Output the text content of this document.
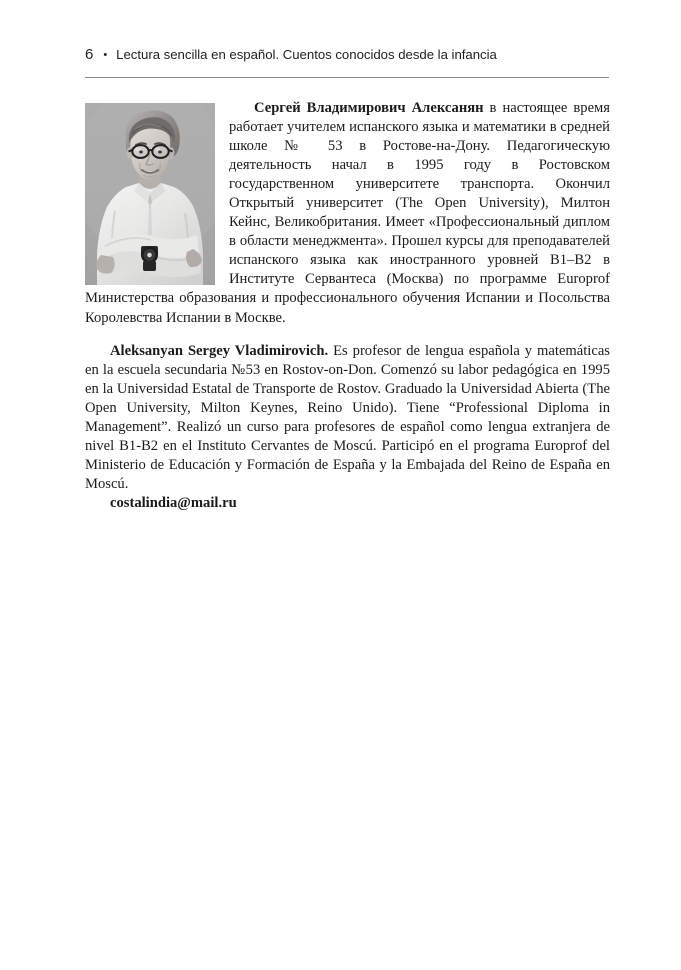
6 • Lectura sencilla en español. Cuentos conocidos desde la infancia

Сергей Владимирович Алексанян в настоящее время работает учителем испанского языка и математики в средней школе № 53 в Ростове-на-Дону. Педагогическую деятельность начал в 1995 году в Ростовском государственном университете транспорта. Окончил Открытый университет (The Open University), Милтон Кейнс, Великобритания. Имеет «Профессиональный диплом в области менеджмента». Прошел курсы для преподавателей испанского языка как иностранного уровней B1–B2 в Институте Сервантеса (Москва) по программе Europrof Министерства образования и профессионального обучения Испании и Посольства Королевства Испании в Москве.

Aleksanyan Sergey Vladimirovich. Es profesor de lengua española y matemáticas en la escuela secundaria №53 en Rostov-on-Don. Comenzó su labor pedagógica en 1995 en la Universidad Estatal de Transporte de Rostov. Graduado la Universidad Abierta (The Open University, Milton Keynes, Reino Unido). Tiene “Professional Diploma in Management”. Realizó un curso para profesores de español como lengua extranjera de nivel B1-B2 en el Instituto Cervantes de Moscú. Participó en el programa Europrof del Ministerio de Educación y Formación de España y la Embajada del Reino de España en Moscú.

costalindia@mail.ru
